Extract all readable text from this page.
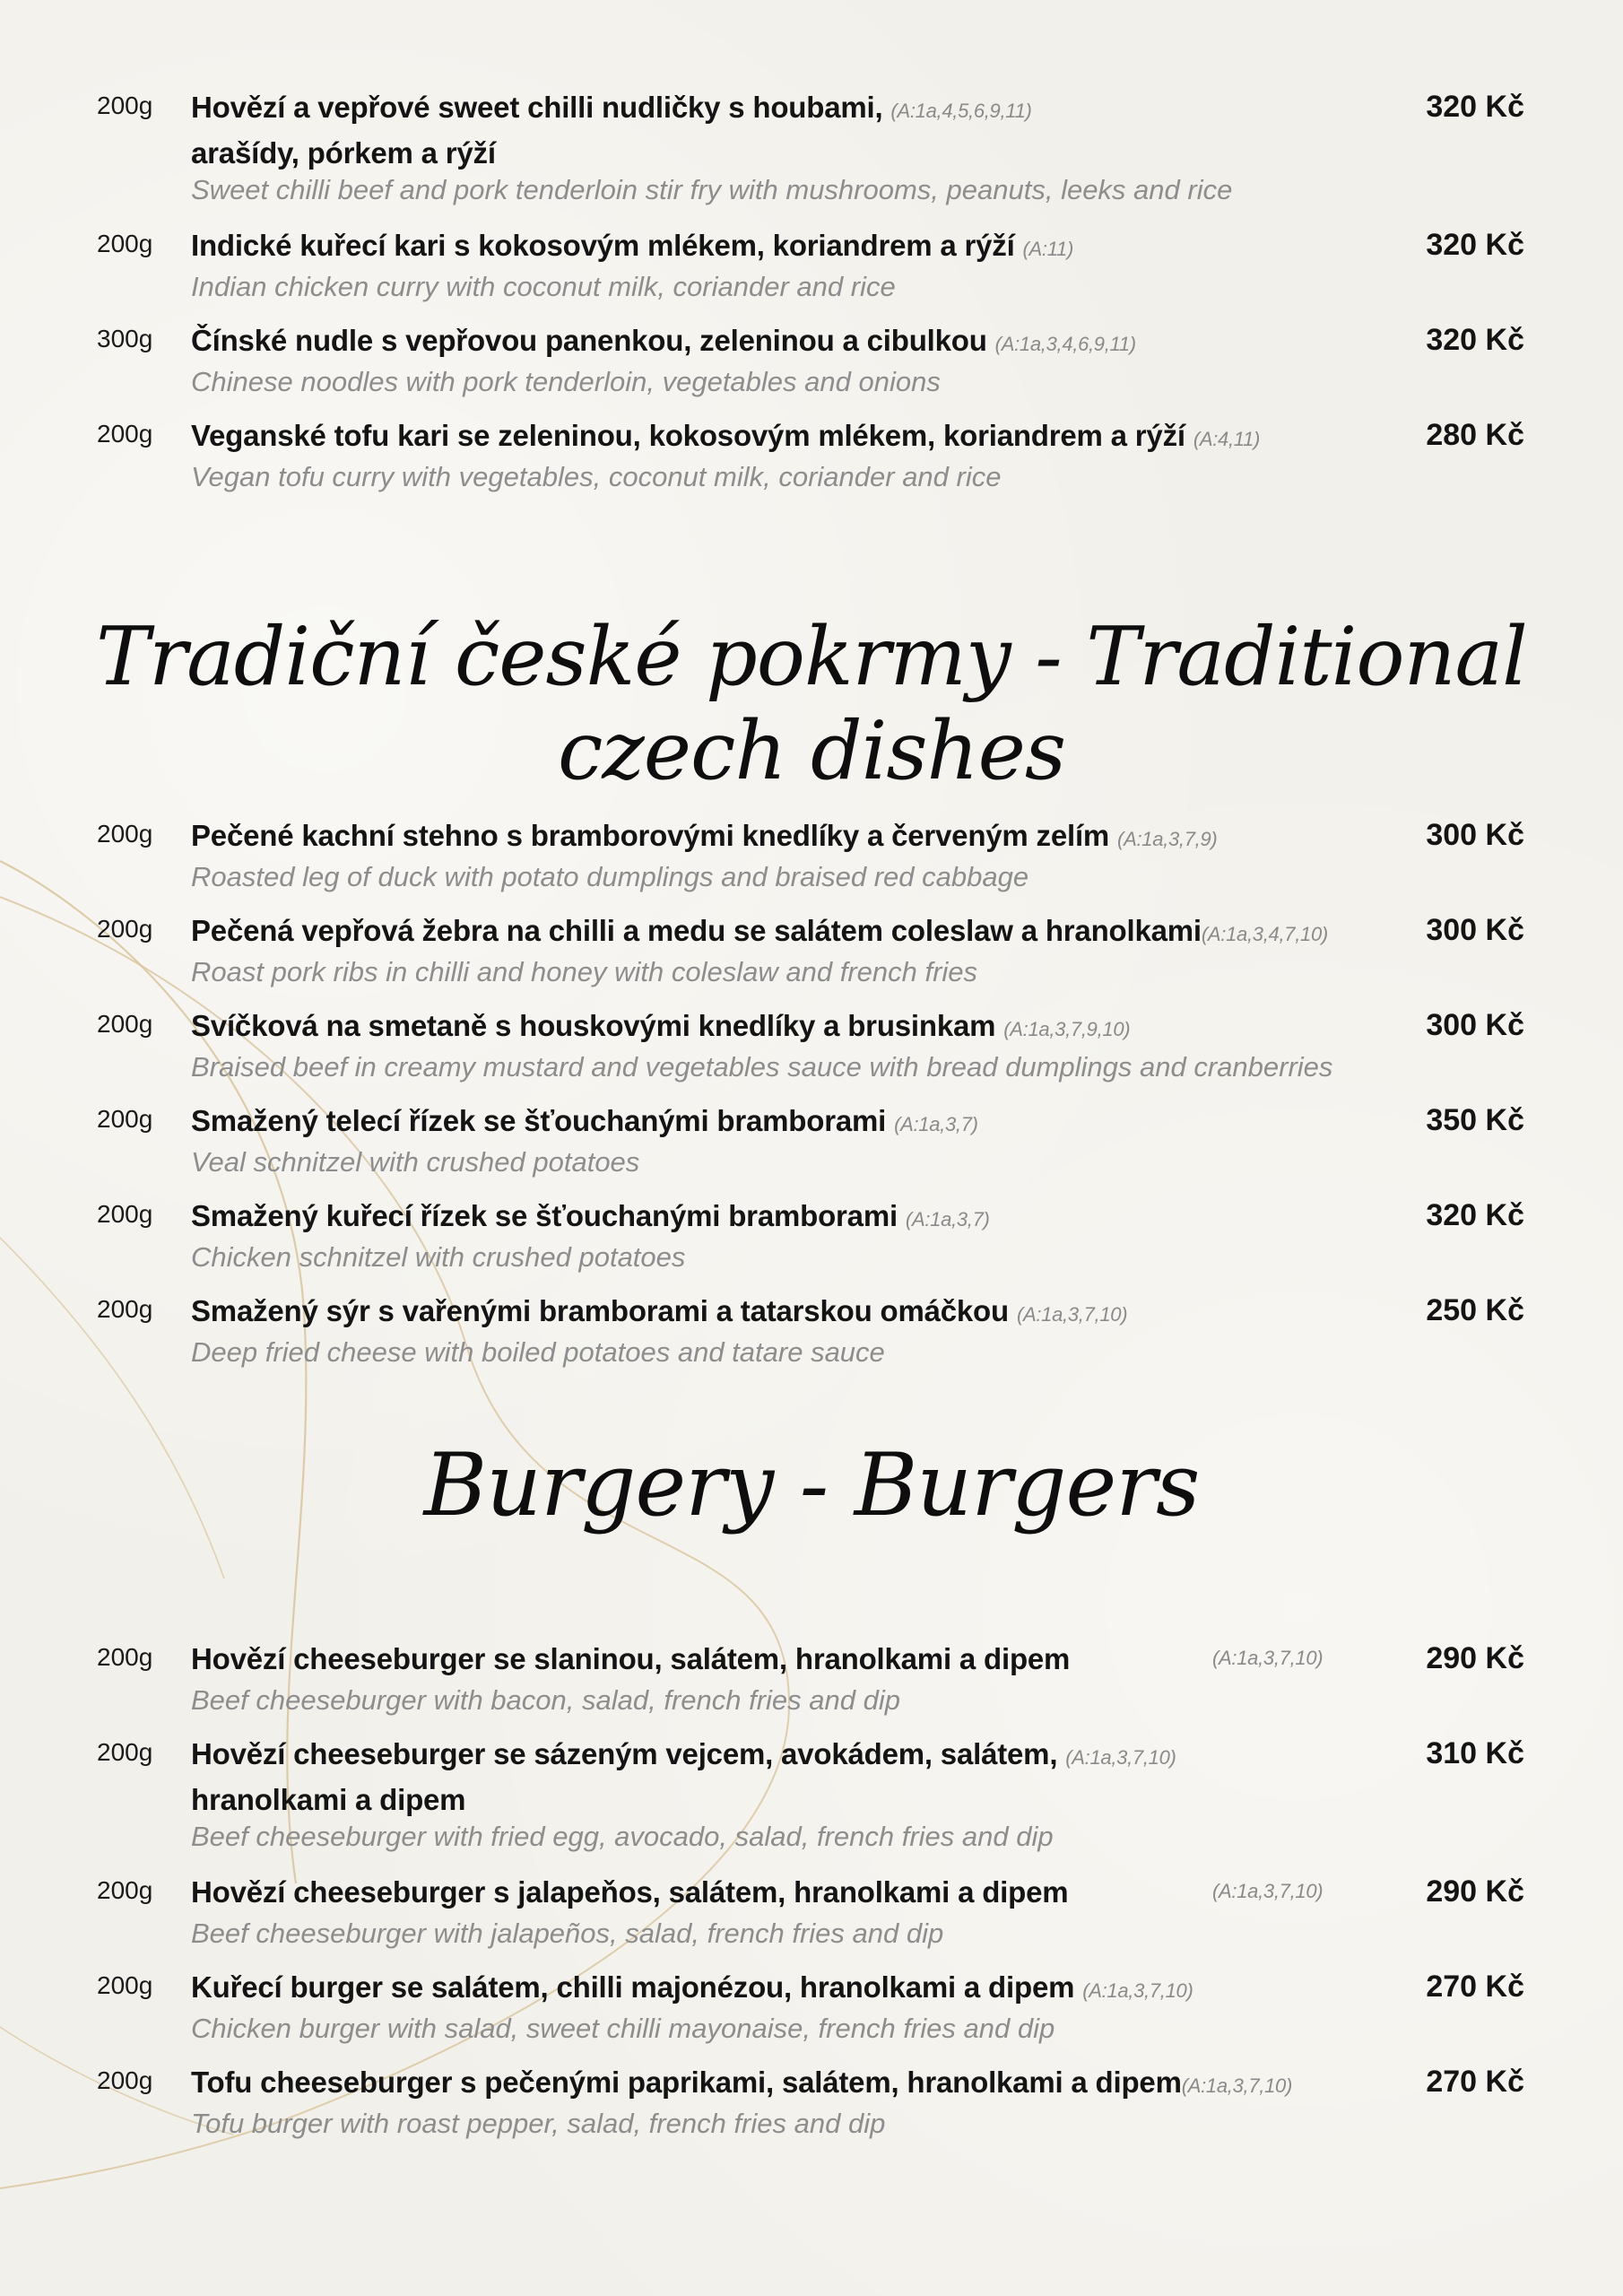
200g Hovězí a vepřové sweet chilli nudličky s houbami, (A:1a,4,5,6,9,11)
arašídy, pórkem a rýží
320 Kč
Sweet chilli beef and pork tenderloin stir fry with mushrooms, peanuts, leeks and rice
200g Indické kuřecí kari s kokosovým mlékem, koriandrem a rýží (A:11)	320 Kč
Indian chicken curry with coconut milk, coriander and rice
300g Čínské nudle s vepřovou panenkou, zeleninou a cibulkou (A:1a,3,4,6,9,11)	320 Kč
Chinese noodles with pork tenderloin, vegetables and onions
200g Veganské tofu kari se zeleninou, kokosovým mlékem, koriandrem a rýží (A:4,11)	280 Kč
Vegan tofu curry with vegetables, coconut milk, coriander and rice
Tradiční české pokrmy - Traditional czech dishes
200g Pečené kachní stehno s bramborovými knedlíky a červeným zelím (A:1a,3,7,9)	300 Kč
Roasted leg of duck with potato dumplings and braised red cabbage
200g Pečená vepřová žebra na chilli a medu se salátem coleslaw a hranolkami(A:1a,3,4,7,10)	300 Kč
Roast pork ribs in chilli and honey with coleslaw and french fries
200g Svíčková na smetaně s houskovými knedlíky a brusinkam (A:1a,3,7,9,10)	300 Kč
Braised beef in creamy mustard and vegetables sauce with bread dumplings and cranberries
200g Smažený telecí řízek se šťouchanými bramborami (A:1a,3,7)	350 Kč
Veal schnitzel with crushed potatoes
200g Smažený kuřecí řízek se šťouchanými bramborami (A:1a,3,7)	320 Kč
Chicken schnitzel with crushed potatoes
200g Smažený sýr s vařenými bramborami a tatarskou omáčkou (A:1a,3,7,10)	250 Kč
Deep fried cheese with boiled potatoes and tatare sauce
Burgery - Burgers
200g Hovězí cheeseburger se slaninou, salátem, hranolkami a dipem	(A:1a,3,7,10)	290 Kč
Beef cheeseburger with bacon, salad, french fries and dip
200g Hovězí cheeseburger se sázeným vejcem, avokádem, salátem, (A:1a,3,7,10)
hranolkami a dipem
310 Kč
Beef cheeseburger with fried egg, avocado, salad, french fries and dip
200g Hovězí cheeseburger s jalapeňos, salátem, hranolkami a dipem	(A:1a,3,7,10)	290 Kč
Beef cheeseburger with jalapeños, salad, french fries and dip
200g Kuřecí burger se salátem, chilli majonézou, hranolkami a dipem (A:1a,3,7,10)	270 Kč
Chicken burger with salad, sweet chilli mayonaise, french fries and dip
200g Tofu cheeseburger s pečenými paprikami, salátem, hranolkami a dipem(A:1a,3,7,10)	270 Kč
Tofu burger with roast pepper, salad, french fries and dip
